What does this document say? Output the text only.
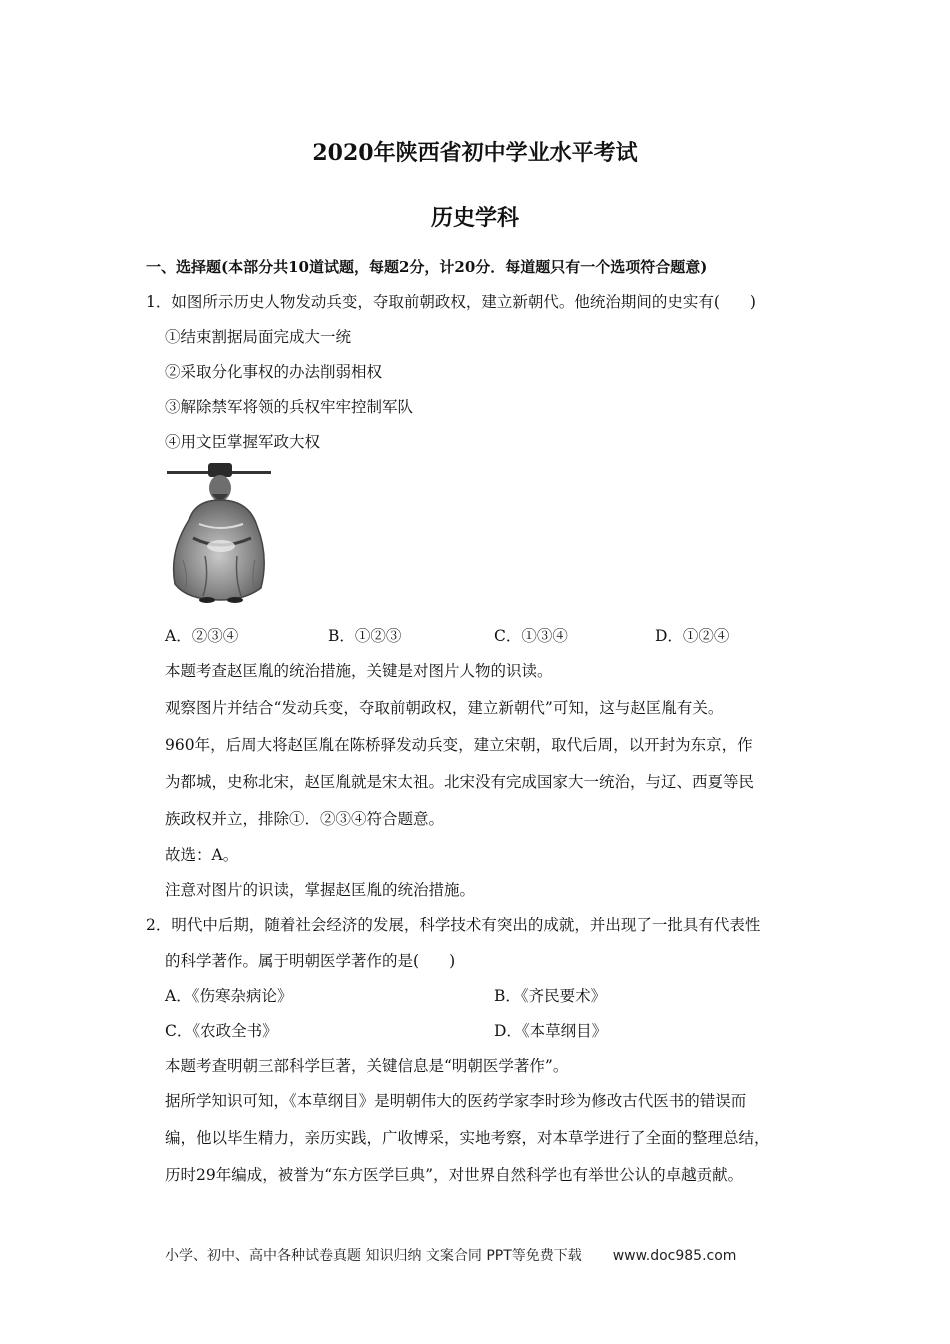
2020年陕西省初中学业水平考试
历史学科
一、选择题(本部分共10道试题，每题2分，计20分．每道题只有一个选项符合题意)
1．如图所示历史人物发动兵变，夺取前朝政权，建立新朝代。他统治期间的史实有( )
①结束割据局面完成大一统
②采取分化事权的办法削弱相权
③解除禁军将领的兵权牢牢控制军队
④用文臣掌握军政大权
A．②③④	B．①②③	C．①③④	D．①②④
本题考查赵匡胤的统治措施，关键是对图片人物的识读。
观察图片并结合“发动兵变，夺取前朝政权，建立新朝代”可知，这与赵匡胤有关。
960年，后周大将赵匡胤在陈桥驿发动兵变，建立宋朝，取代后周，以开封为东京，作
为都城，史称北宋，赵匡胤就是宋太祖。北宋没有完成国家大一统治，与辽、西夏等民
族政权并立，排除①．②③④符合题意。
故选：A。
注意对图片的识读，掌握赵匡胤的统治措施。
2．明代中后期，随着社会经济的发展，科学技术有突出的成就，并出现了一批具有代表性
的科学著作。属于明朝医学著作的是( )
A．《伤寒杂病论》	B．《齐民要术》
C．《农政全书》	D．《本草纲目》
本题考查明朝三部科学巨著，关键信息是“明朝医学著作”。
据所学知识可知，《本草纲目》是明朝伟大的医药学家李时珍为修改古代医书的错误而
编，他以毕生精力，亲历实践，广收博采，实地考察，对本草学进行了全面的整理总结，
历时29年编成，被誉为“东方医学巨典”，对世界自然科学也有举世公认的卓越贡献。
小学、初中、高中各种试卷真题 知识归纳 文案合同 PPT等免费下载 www.doc985.com
